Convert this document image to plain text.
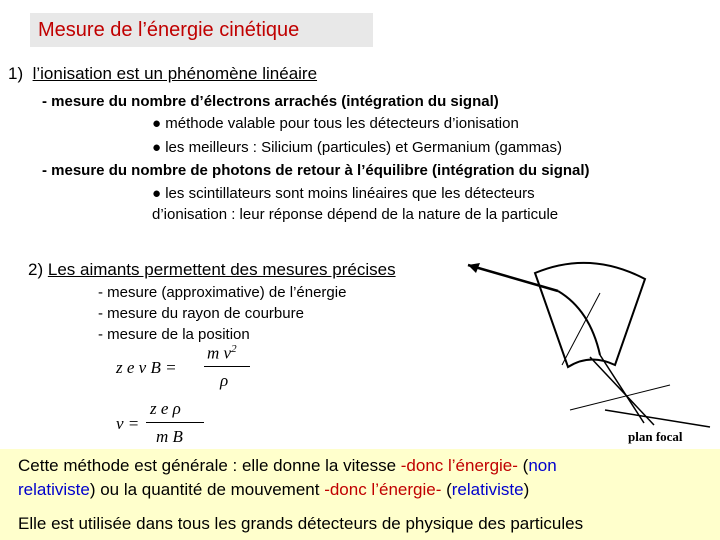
Mesure de l’énergie cinétique
1) l’ionisation est un phénomène linéaire
- mesure du nombre d’électrons arrachés (intégration du signal)
● méthode valable pour tous les détecteurs d’ionisation
● les meilleurs : Silicium (particules) et Germanium (gammas)
- mesure du nombre de photons de retour à l’équilibre (intégration du signal)
● les scintillateurs sont moins linéaires que les détecteurs
d’ionisation : leur réponse dépend de la nature de la particule
2) Les aimants permettent des mesures précises
- mesure (approximative) de l’énergie
- mesure du rayon de courbure
- mesure de la position
z e v B =
m $v^2$
ρ
v =
z e ρ
m B	plan focal
Cette méthode est générale : elle donne la vitesse -donc l’énergie- (non
relativiste) ou la quantité de mouvement -donc l’énergie- (relativiste)
Elle est utilisée dans tous les grands détecteurs de physique des particules
